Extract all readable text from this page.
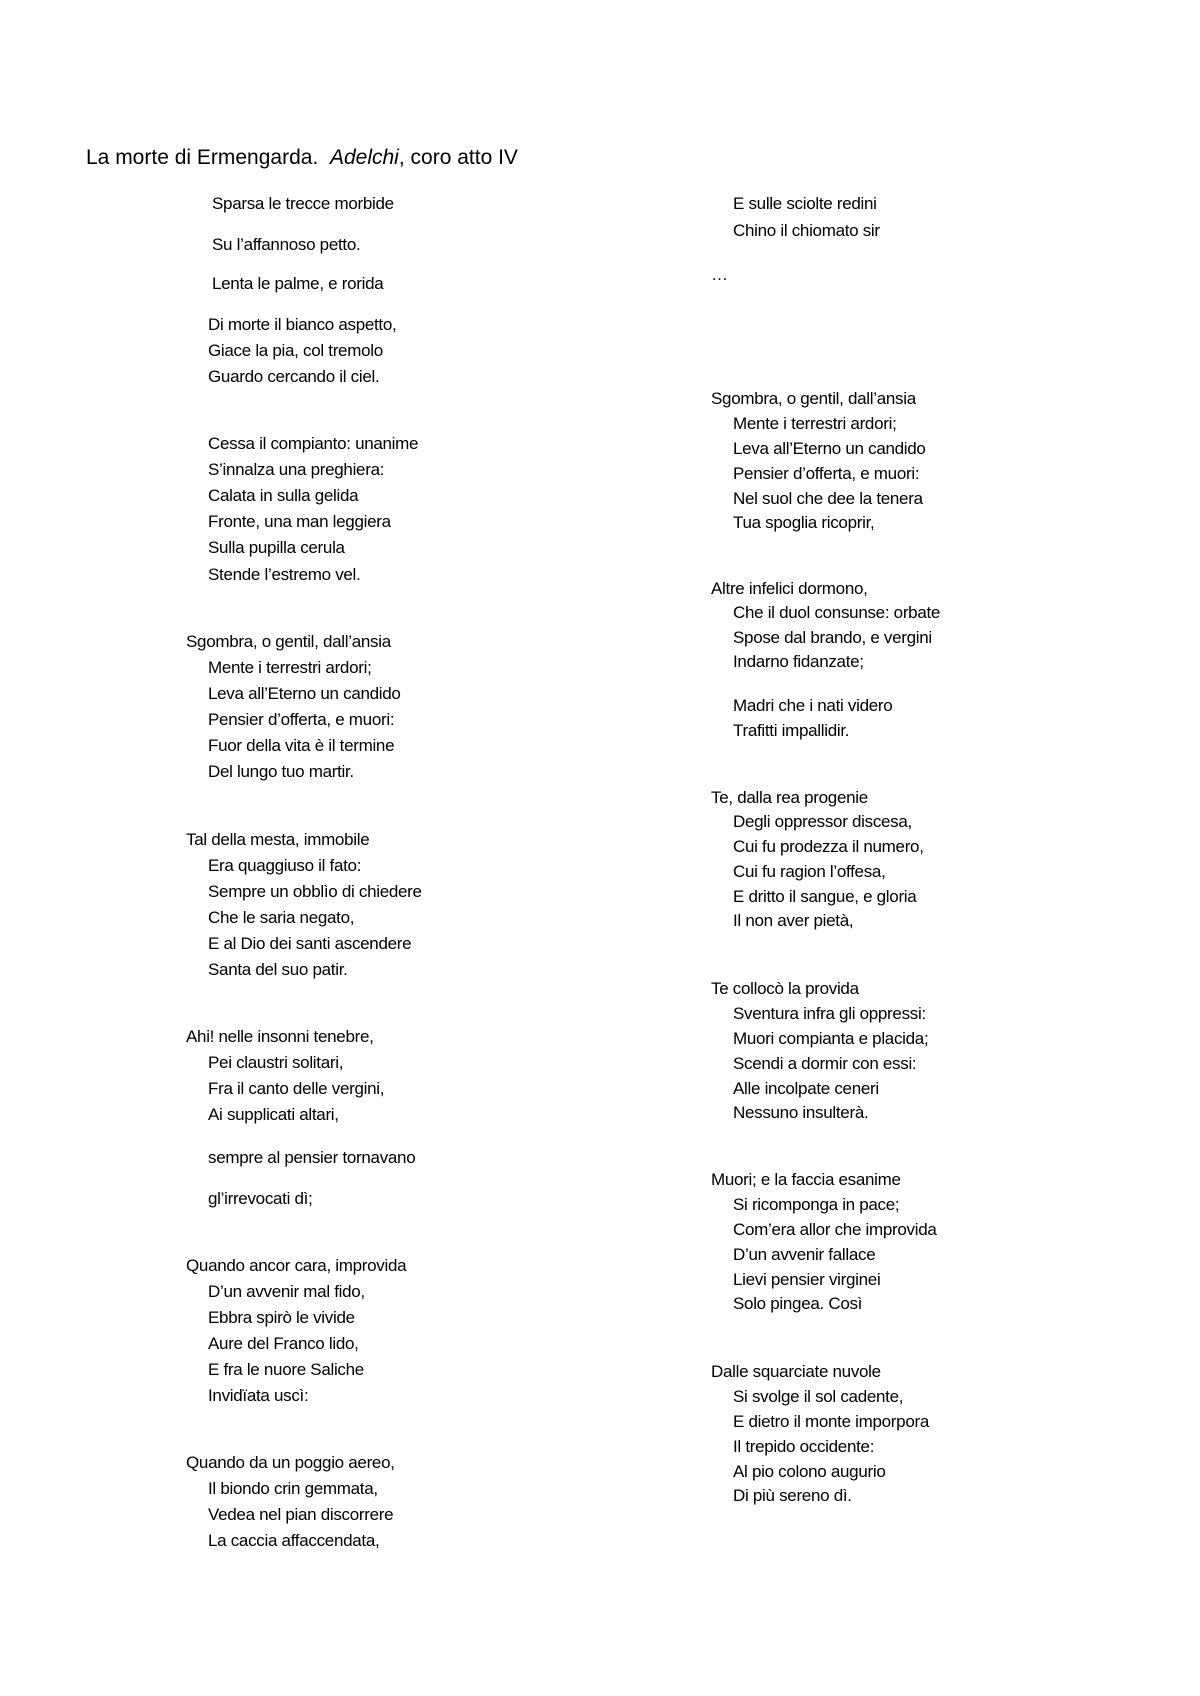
La morte di Ermengarda. Adelchi, coro atto IV
Sparsa le trecce morbide
Su l’affannoso petto.
Lenta le palme, e rorida
Di morte il bianco aspetto,
Giace la pia, col tremolo
Guardo cercando il ciel.
Cessa il compianto: unanime
S’innalza una preghiera:
Calata in sulla gelida
Fronte, una man leggiera
Sulla pupilla cerula
Stende l’estremo vel.
Sgombra, o gentil, dall’ansia
Mente i terrestri ardori;
Leva all’Eterno un candido
Pensier d’offerta, e muori:
Fuor della vita è il termine
Del lungo tuo martir.
Tal della mesta, immobile
Era quaggiuso il fato:
Sempre un obblìo di chiedere
Che le saria negato,
E al Dio dei santi ascendere
Santa del suo patir.
Ahi! nelle insonni tenebre,
Pei claustri solitari,
Fra il canto delle vergini,
Ai supplicati altari,
sempre al pensier tornavano
gl’irrevocati dì;
Quando ancor cara, improvida
D’un avvenir mal fido,
Ebbra spirò le vivide
Aure del Franco lido,
E fra le nuore Saliche
Invidïata uscì:
Quando da un poggio aereo,
Il biondo crin gemmata,
Vedea nel pian discorrere
La caccia affaccendata,
E sulle sciolte redini
Chino il chiomato sir
…
Sgombra, o gentil, dall’ansia
Mente i terrestri ardori;
Leva all’Eterno un candido
Pensier d’offerta, e muori:
Nel suol che dee la tenera
Tua spoglia ricoprir,
Altre infelici dormono,
Che il duol consunse: orbate
Spose dal brando, e vergini
Indarno fidanzate;
Madri che i nati videro
Trafitti impallidir.
Te, dalla rea progenie
Degli oppressor discesa,
Cui fu prodezza il numero,
Cui fu ragion l’offesa,
E dritto il sangue, e gloria
Il non aver pietà,
Te collocò la provida
Sventura infra gli oppressi:
Muori compianta e placida;
Scendi a dormir con essi:
Alle incolpate ceneri
Nessuno insulterà.
Muori; e la faccia esanime
Si ricomponga in pace;
Com’era allor che improvida
D’un avvenir fallace
Lievi pensier virginei
Solo pingea. Così
Dalle squarciate nuvole
Si svolge il sol cadente,
E dietro il monte imporpora
Il trepido occidente:
Al pio colono augurio
Di più sereno dì.
